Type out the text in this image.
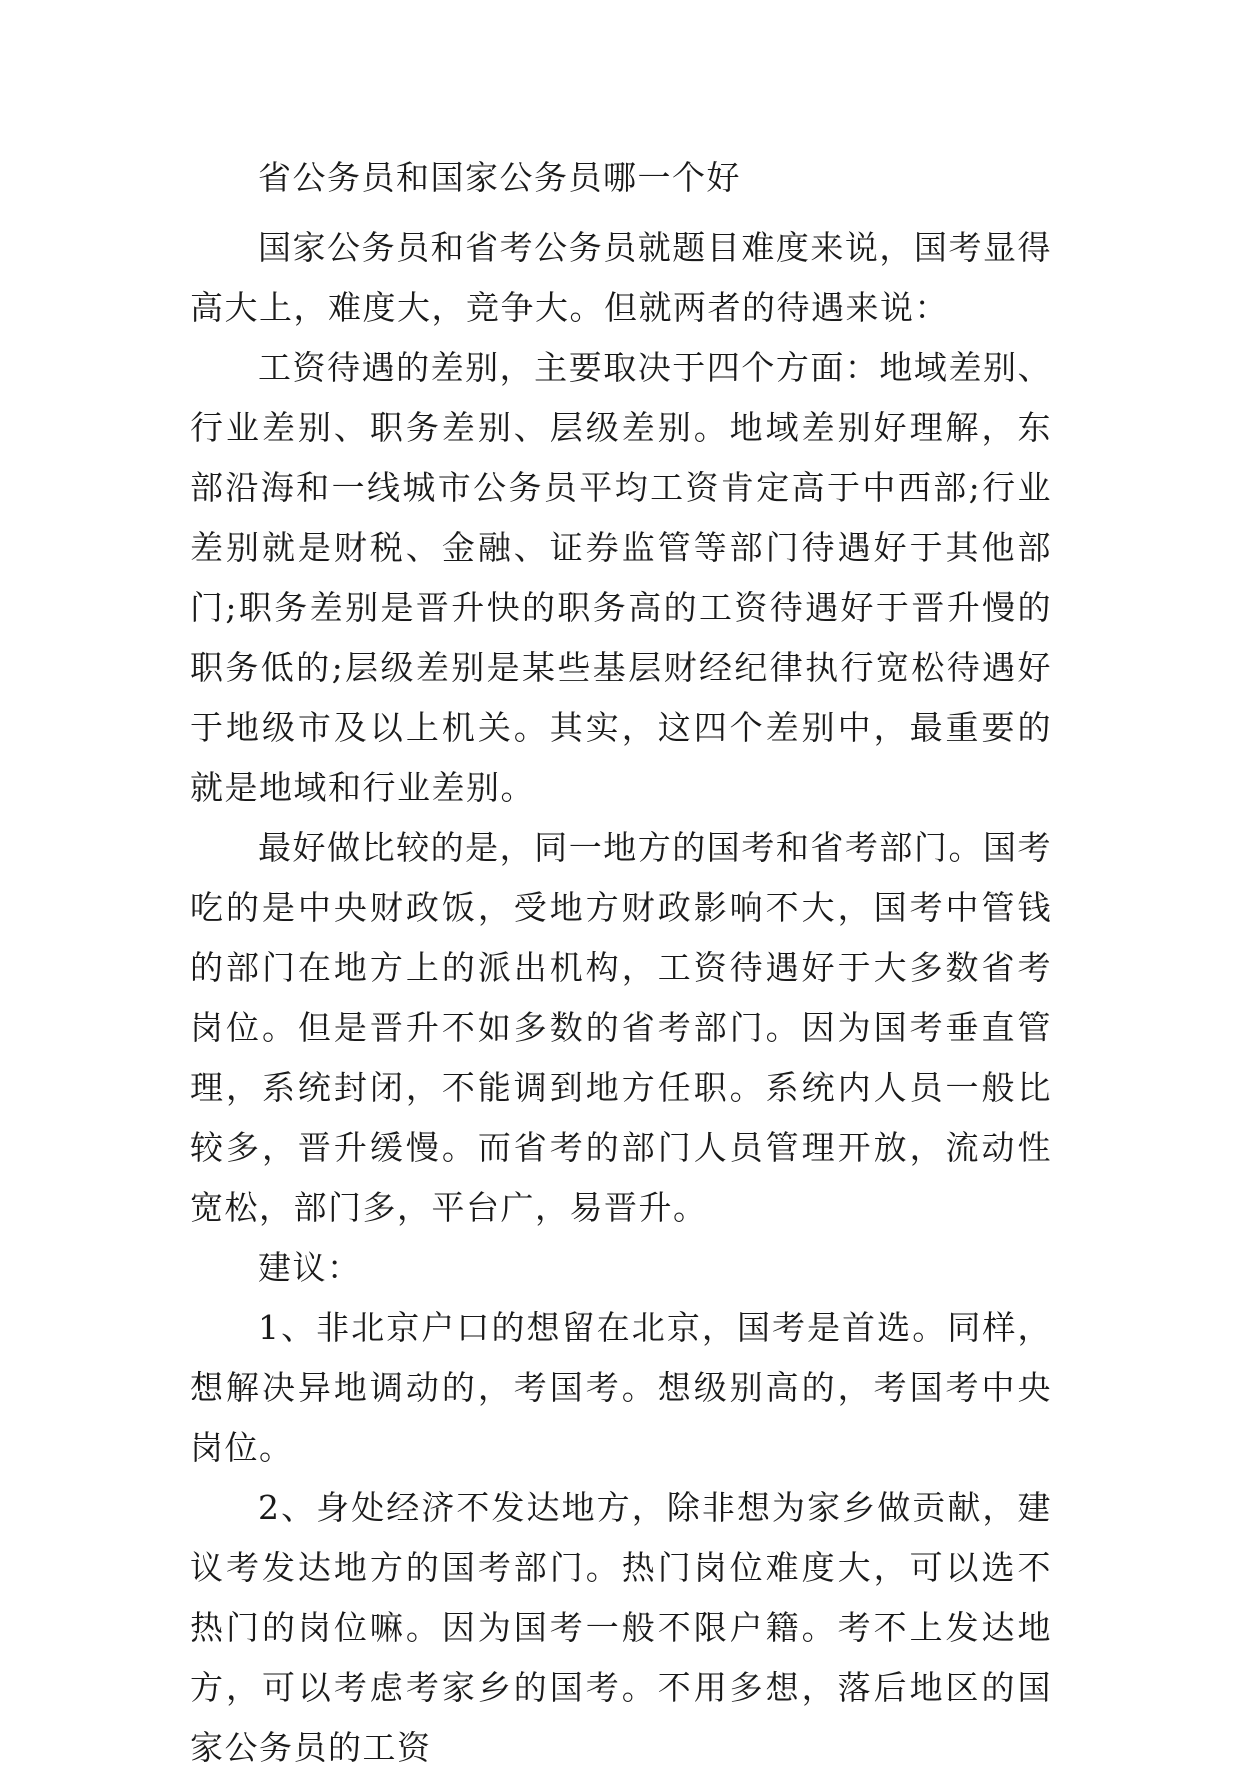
省公务员和国家公务员哪一个好

国家公务员和省考公务员就题目难度来说，国考显得高大上，难度大，竞争大。但就两者的待遇来说：

工资待遇的差别，主要取决于四个方面：地域差别、行业差别、职务差别、层级差别。地域差别好理解，东部沿海和一线城市公务员平均工资肯定高于中西部;行业差别就是财税、金融、证券监管等部门待遇好于其他部门;职务差别是晋升快的职务高的工资待遇好于晋升慢的职务低的;层级差别是某些基层财经纪律执行宽松待遇好于地级市及以上机关。其实，这四个差别中，最重要的就是地域和行业差别。

最好做比较的是，同一地方的国考和省考部门。国考吃的是中央财政饭，受地方财政影响不大，国考中管钱的部门在地方上的派出机构，工资待遇好于大多数省考岗位。但是晋升不如多数的省考部门。因为国考垂直管理，系统封闭，不能调到地方任职。系统内人员一般比较多，晋升缓慢。而省考的部门人员管理开放，流动性宽松，部门多，平台广，易晋升。

建议：

1、非北京户口的想留在北京，国考是首选。同样，想解决异地调动的，考国考。想级别高的，考国考中央岗位。

2、身处经济不发达地方，除非想为家乡做贡献，建议考发达地方的国考部门。热门岗位难度大，可以选不热门的岗位嘛。因为国考一般不限户籍。考不上发达地方，可以考虑考家乡的国考。不用多想，落后地区的国家公务员的工资
